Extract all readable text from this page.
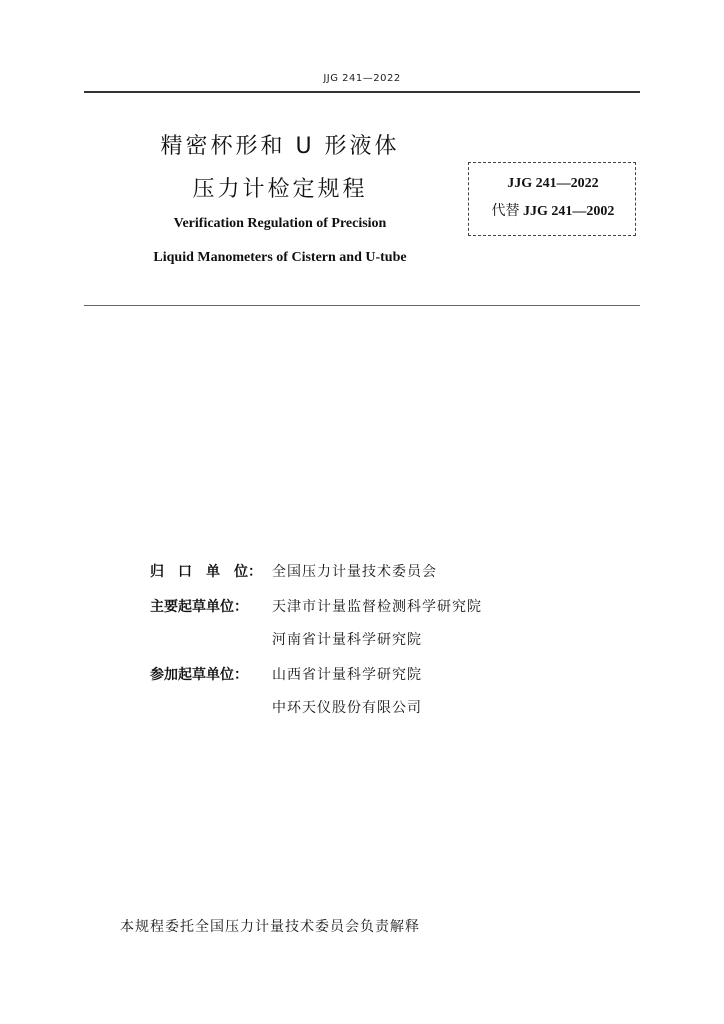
JJG 241—2022
精密杯形和 U 形液体
压力计检定规程
Verification Regulation of Precision
Liquid Manometers of Cistern and U-tube
JJG 241—2022
代替 JJG 241—2002
归　口　单　位： 全国压力计量技术委员会
主要起草单位：	天津市计量监督检测科学研究院
河南省计量科学研究院
参加起草单位：	山西省计量科学研究院
中环天仪股份有限公司
本规程委托全国压力计量技术委员会负责解释
